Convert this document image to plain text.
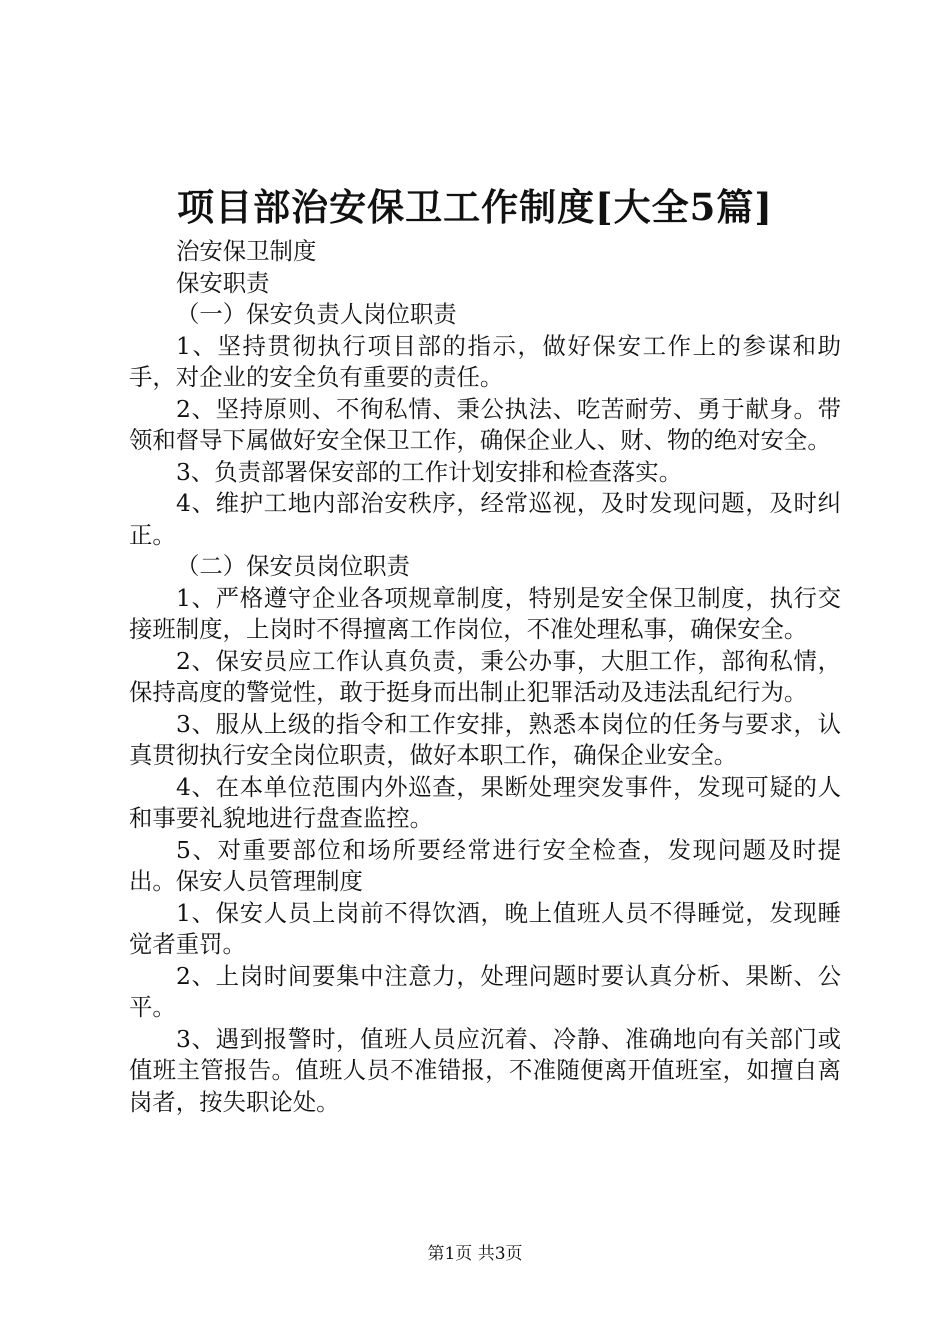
项目部治安保卫工作制度[大全5篇]

治安保卫制度

保安职责

（一）保安负责人岗位职责

1、坚持贯彻执行项目部的指示，做好保安工作上的参谋和助手，对企业的安全负有重要的责任。

2、坚持原则、不徇私情、秉公执法、吃苦耐劳、勇于献身。带领和督导下属做好安全保卫工作，确保企业人、财、物的绝对安全。

3、负责部署保安部的工作计划安排和检查落实。

4、维护工地内部治安秩序，经常巡视，及时发现问题，及时纠正。

（二）保安员岗位职责

1、严格遵守企业各项规章制度，特别是安全保卫制度，执行交接班制度，上岗时不得擅离工作岗位，不准处理私事，确保安全。

2、保安员应工作认真负责，秉公办事，大胆工作，部徇私情，保持高度的警觉性，敢于挺身而出制止犯罪活动及违法乱纪行为。

3、服从上级的指令和工作安排，熟悉本岗位的任务与要求，认真贯彻执行安全岗位职责，做好本职工作，确保企业安全。

4、在本单位范围内外巡查，果断处理突发事件，发现可疑的人和事要礼貌地进行盘查监控。

5、对重要部位和场所要经常进行安全检查，发现问题及时提出。保安人员管理制度

1、保安人员上岗前不得饮酒，晚上值班人员不得睡觉，发现睡觉者重罚。

2、上岗时间要集中注意力，处理问题时要认真分析、果断、公平。

3、遇到报警时，值班人员应沉着、冷静、准确地向有关部门或值班主管报告。值班人员不准错报，不准随便离开值班室，如擅自离岗者，按失职论处。

第1页 共3页
